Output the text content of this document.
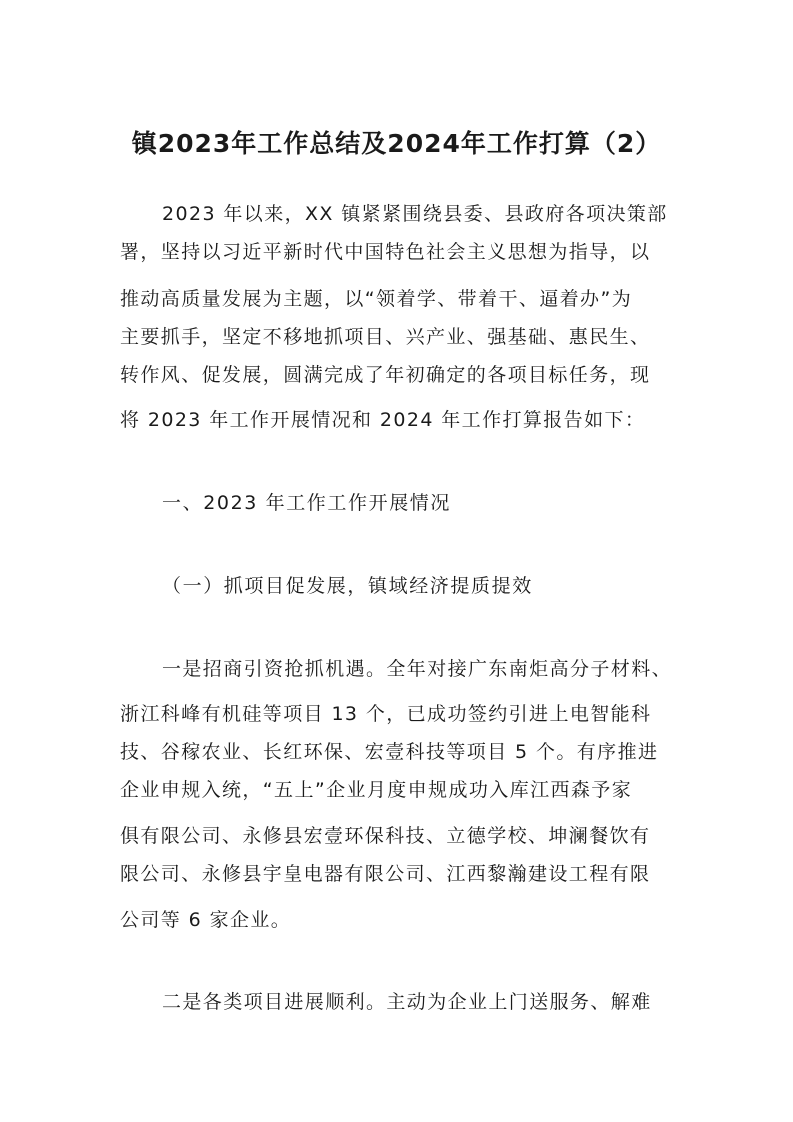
镇2023年工作总结及2024年工作打算（2）
2023 年以来，XX 镇紧紧围绕县委、县政府各项决策部
署，坚持以习近平新时代中国特色社会主义思想为指导，以
推动高质量发展为主题，以“领着学、带着干、逼着办”为
主要抓手，坚定不移地抓项目、兴产业、强基础、惠民生、
转作风、促发展，圆满完成了年初确定的各项目标任务，现
将 2023 年工作开展情况和 2024 年工作打算报告如下：
一、2023 年工作工作开展情况
（一）抓项目促发展，镇域经济提质提效
一是招商引资抢抓机遇。全年对接广东南炬高分子材料、
浙江科峰有机硅等项目 13 个，已成功签约引进上电智能科
技、谷稼农业、长红环保、宏壹科技等项目 5 个。有序推进
企业申规入统，“五上”企业月度申规成功入库江西森予家
俱有限公司、永修县宏壹环保科技、立德学校、坤澜餐饮有
限公司、永修县宇皇电器有限公司、江西黎瀚建设工程有限
公司等 6 家企业。
二是各类项目进展顺利。主动为企业上门送服务、解难
